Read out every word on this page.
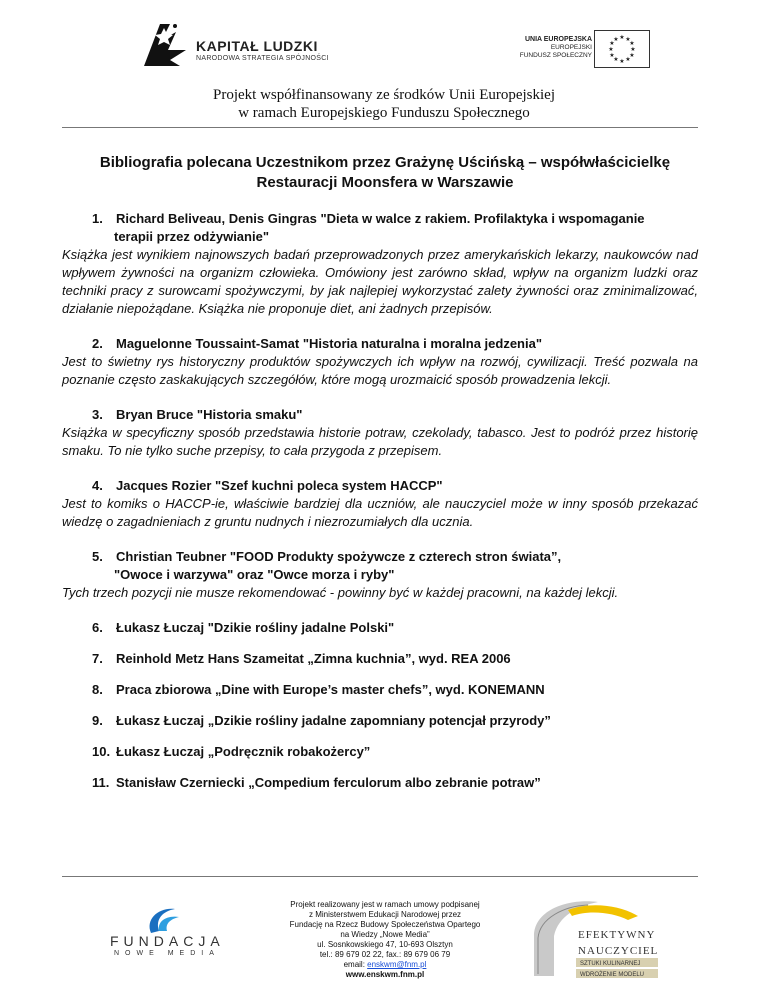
KAPITAŁ LUDZKI
NARODOWA STRATEGIA SPÓJNOŚCI
UNIA EUROPEJSKA
EUROPEJSKI
FUNDUSZ SPOŁECZNY
★ ★
★
★
★
★
★
★
★
★
★
★
Projekt współfinansowany ze środków Unii Europejskiej
w ramach Europejskiego Funduszu Społecznego
Bibliografia polecana Uczestnikom przez Grażynę Uścińską – współwłaścicielkę
Restauracji Moonsfera w Warszawie
1. Richard Beliveau, Denis Gingras "Dieta w walce z rakiem. Profilaktyka i wspomaganie
terapii przez odżywianie"
Książka jest wynikiem najnowszych badań przeprowadzonych przez amerykańskich lekarzy, naukowców nad wpływem żywności na organizm człowieka. Omówiony jest zarówno skład, wpływ na organizm ludzki oraz techniki pracy z surowcami spożywczymi, by jak najlepiej wykorzystać zalety żywności oraz zminimalizować, działanie niepożądane. Książka nie proponuje diet, ani żadnych przepisów.
2. Maguelonne Toussaint-Samat "Historia naturalna i moralna jedzenia"
Jest to świetny rys historyczny produktów spożywczych ich wpływ na rozwój, cywilizacji. Treść pozwala na poznanie często zaskakujących szczegółów, które mogą urozmaicić sposób prowadzenia lekcji.
3. Bryan Bruce "Historia smaku"
Książka w specyficzny sposób przedstawia historie potraw, czekolady, tabasco. Jest to podróż przez historię smaku. To nie tylko suche przepisy, to cała przygoda z przepisem.
4. Jacques Rozier "Szef kuchni poleca system HACCP"
Jest to komiks o HACCP-ie, właściwie bardziej dla uczniów, ale nauczyciel może w inny sposób przekazać wiedzę o zagadnieniach z gruntu nudnych i niezrozumiałych dla ucznia.
5. Christian Teubner "FOOD Produkty spożywcze z czterech stron świata”,
"Owoce i warzywa" oraz "Owce morza i ryby"
Tych trzech pozycji nie musze rekomendować - powinny być w każdej pracowni, na każdej lekcji.
6. Łukasz Łuczaj "Dzikie rośliny jadalne Polski"
7. Reinhold Metz Hans Szameitat „Zimna kuchnia”, wyd. REA 2006
8. Praca zbiorowa „Dine with Europe’s master chefs”, wyd. KONEMANN
9. Łukasz Łuczaj „Dzikie rośliny jadalne zapomniany potencjał przyrody”
10. Łukasz Łuczaj „Podręcznik robakożercy”
11. Stanisław Czerniecki „Compedium ferculorum albo zebranie potraw”
FUNDACJA
NOWE MEDIA
Projekt realizowany jest w ramach umowy podpisanej
z Ministerstwem Edukacji Narodowej przez
Fundację na Rzecz Budowy Społeczeństwa Opartego
na Wiedzy „Nowe Media”
ul. Sosnkowskiego 47, 10-693 Olsztyn
tel.: 89 679 02 22, fax.: 89 679 06 79
email: enskwm@fnm.pl
www.enskwm.fnm.pl
EFEKTYWNY
NAUCZYCIEL
SZTUKI KULINARNEJ
WDROŻENIE MODELU
